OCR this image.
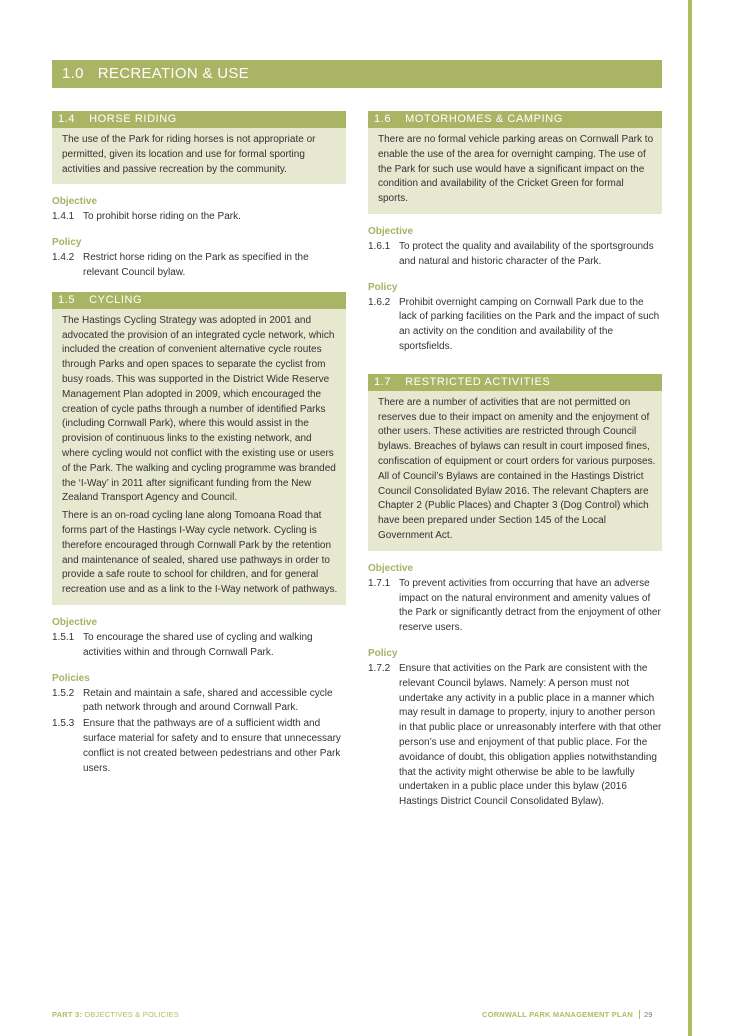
1.0 RECREATION & USE
1.4 HORSE RIDING

The use of the Park for riding horses is not appropriate or permitted, given its location and use for formal sporting activities and passive recreation by the community.

Objective
1.4.1 To prohibit horse riding on the Park.
Policy
1.4.2 Restrict horse riding on the Park as specified in the relevant Council bylaw.
1.5 CYCLING

The Hastings Cycling Strategy was adopted in 2001 and advocated the provision of an integrated cycle network, which included the creation of convenient alternative cycle routes through Parks and open spaces to separate the cyclist from busy roads. This was supported in the District Wide Reserve Management Plan adopted in 2009, which encouraged the creation of cycle paths through a number of identified Parks (including Cornwall Park), where this would assist in the provision of continuous links to the existing network, and where cycling would not conflict with the existing use or users of the Park. The walking and cycling programme was branded the ‘I-Way’ in 2011 after significant funding from the New Zealand Transport Agency and Council.

There is an on-road cycling lane along Tomoana Road that forms part of the Hastings I-Way cycle network. Cycling is therefore encouraged through Cornwall Park by the retention and maintenance of sealed, shared use pathways in order to provide a safe route to school for children, and for general recreation use and as a link to the I-Way network of pathways.

Objective
1.5.1 To encourage the shared use of cycling and walking activities within and through Cornwall Park.
Policies
1.5.2 Retain and maintain a safe, shared and accessible cycle path network through and around Cornwall Park.
1.5.3 Ensure that the pathways are of a sufficient width and surface material for safety and to ensure that unnecessary conflict is not created between pedestrians and other Park users.
1.6 MOTORHOMES & CAMPING

There are no formal vehicle parking areas on Cornwall Park to enable the use of the area for overnight camping. The use of the Park for such use would have a significant impact on the condition and availability of the Cricket Green for formal sports.

Objective
1.6.1 To protect the quality and availability of the sportsgrounds and natural and historic character of the Park.
Policy
1.6.2 Prohibit overnight camping on Cornwall Park due to the lack of parking facilities on the Park and the impact of such an activity on the condition and availability of the sportsfields.
1.7 RESTRICTED ACTIVITIES

There are a number of activities that are not permitted on reserves due to their impact on amenity and the enjoyment of other users. These activities are restricted through Council bylaws. Breaches of bylaws can result in court imposed fines, confiscation of equipment or court orders for various purposes. All of Council’s Bylaws are contained in the Hastings District Council Consolidated Bylaw 2016. The relevant Chapters are Chapter 2 (Public Places) and Chapter 3 (Dog Control) which have been prepared under Section 145 of the Local Government Act.

Objective
1.7.1 To prevent activities from occurring that have an adverse impact on the natural environment and amenity values of the Park or significantly detract from the enjoyment of other reserve users.
Policy
1.7.2 Ensure that activities on the Park are consistent with the relevant Council bylaws. Namely: A person must not undertake any activity in a public place in a manner which may result in damage to property, injury to another person in that public place or unreasonably interfere with that other person’s use and enjoyment of that public place. For the avoidance of doubt, this obligation applies notwithstanding that the activity might otherwise be able to be lawfully undertaken in a public place under this bylaw (2016 Hastings District Council Consolidated Bylaw).
PART 3: OBJECTIVES & POLICIES	CORNWALL PARK MANAGEMENT PLAN 29
